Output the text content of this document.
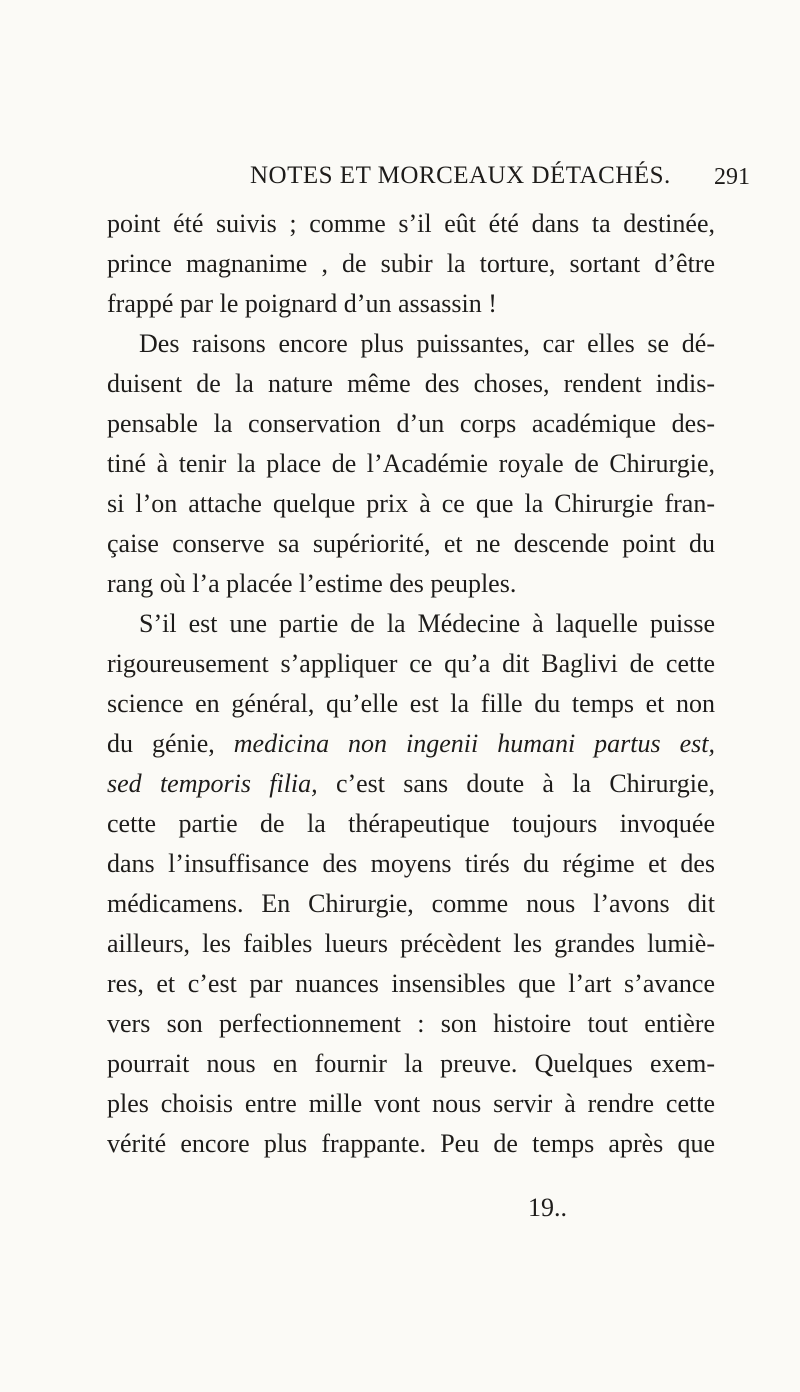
NOTES ET MORCEAUX DÉTACHÉS. 291
point été suivis ; comme s’il eût été dans ta destinée,
prince magnanime , de subir la torture, sortant d’être
frappé par le poignard d’un assassin !
Des raisons encore plus puissantes, car elles se dé-
duisent de la nature même des choses, rendent indis-
pensable la conservation d’un corps académique des-
tiné à tenir la place de l’Académie royale de Chirurgie,
si l’on attache quelque prix à ce que la Chirurgie fran-
çaise conserve sa supériorité, et ne descende point du
rang où l’a placée l’estime des peuples.
S’il est une partie de la Médecine à laquelle puisse
rigoureusement s’appliquer ce qu’a dit Baglivi de cette
science en général, qu’elle est la fille du temps et non
du génie, medicina non ingenii humani partus est,
sed temporis filia, c’est sans doute à la Chirurgie,
cette partie de la thérapeutique toujours invoquée
dans l’insuffisance des moyens tirés du régime et des
médicamens. En Chirurgie, comme nous l’avons dit
ailleurs, les faibles lueurs précèdent les grandes lumiè-
res, et c’est par nuances insensibles que l’art s’avance
vers son perfectionnement : son histoire tout entière
pourrait nous en fournir la preuve. Quelques exem-
ples choisis entre mille vont nous servir à rendre cette
vérité encore plus frappante. Peu de temps après que
19..
